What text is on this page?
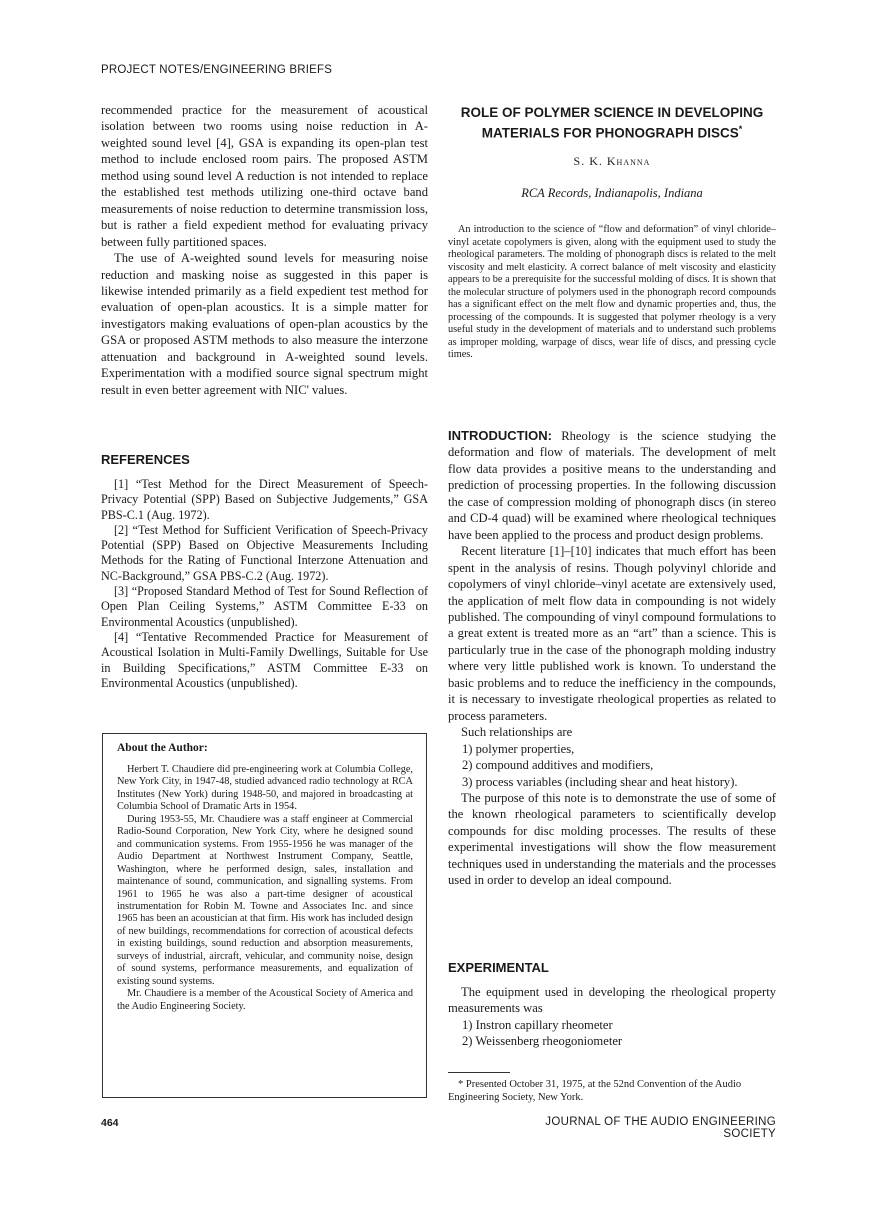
PROJECT NOTES/ENGINEERING BRIEFS

recommended practice for the measurement of acoustical isolation between two rooms using noise reduction in A-weighted sound level [4], GSA is expanding its open-plan test method to include enclosed room pairs. The proposed ASTM method using sound level A reduction is not intended to replace the established test methods utilizing one-third octave band measurements of noise reduction to determine transmission loss, but is rather a field expedient method for evaluating privacy between fully partitioned spaces.

The use of A-weighted sound levels for measuring noise reduction and masking noise as suggested in this paper is likewise intended primarily as a field expedient test method for evaluation of open-plan acoustics. It is a simple matter for investigators making evaluations of open-plan acoustics by the GSA or proposed ASTM methods to also measure the interzone attenuation and background in A-weighted sound levels. Experimentation with a modified source signal spectrum might result in even better agreement with NIC' values.

REFERENCES

[1] “Test Method for the Direct Measurement of Speech-Privacy Potential (SPP) Based on Subjective Judgements,” GSA PBS-C.1 (Aug. 1972).

[2] “Test Method for Sufficient Verification of Speech-Privacy Potential (SPP) Based on Objective Measurements Including Methods for the Rating of Functional Interzone Attenuation and NC-Background,” GSA PBS-C.2 (Aug. 1972).

[3] “Proposed Standard Method of Test for Sound Reflection of Open Plan Ceiling Systems,” ASTM Committee E-33 on Environmental Acoustics (unpublished).

[4] “Tentative Recommended Practice for Measurement of Acoustical Isolation in Multi-Family Dwellings, Suitable for Use in Building Specifications,” ASTM Committee E-33 on Environmental Acoustics (unpublished).

About the Author:

Herbert T. Chaudiere did pre-engineering work at Columbia College, New York City, in 1947-48, studied advanced radio technology at RCA Institutes (New York) during 1948-50, and majored in broadcasting at Columbia School of Dramatic Arts in 1954.

During 1953-55, Mr. Chaudiere was a staff engineer at Commercial Radio-Sound Corporation, New York City, where he designed sound and communication systems. From 1955-1956 he was manager of the Audio Department at Northwest Instrument Company, Seattle, Washington, where he performed design, sales, installation and maintenance of sound, communication, and signalling systems. From 1961 to 1965 he was also a part-time designer of acoustical instrumentation for Robin M. Towne and Associates Inc. and since 1965 has been an acoustician at that firm. His work has included design of new buildings, recommendations for correction of acoustical defects in existing buildings, sound reduction and absorption measurements, surveys of industrial, aircraft, vehicular, and community noise, design of sound systems, performance measurements, and equalization of existing sound systems.

Mr. Chaudiere is a member of the Acoustical Society of America and the Audio Engineering Society.

ROLE OF POLYMER SCIENCE IN DEVELOPING
MATERIALS FOR PHONOGRAPH DISCS*
S. K. Khanna
RCA Records, Indianapolis, Indiana

An introduction to the science of “flow and deformation” of vinyl chloride–vinyl acetate copolymers is given, along with the equipment used to study the rheological parameters. The molding of phonograph discs is related to the melt viscosity and melt elasticity. A correct balance of melt viscosity and elasticity appears to be a prerequisite for the successful molding of discs. It is shown that the molecular structure of polymers used in the phonograph record compounds has a significant effect on the melt flow and dynamic properties and, thus, the processing of the compounds. It is suggested that polymer rheology is a very useful study in the development of materials and to understand such problems as improper molding, warpage of discs, wear life of discs, and pressing cycle times.

INTRODUCTION: Rheology is the science studying the deformation and flow of materials. The development of melt flow data provides a positive means to the understanding and prediction of processing properties. In the following discussion the case of compression molding of phonograph discs (in stereo and CD-4 quad) will be examined where rheological techniques have been applied to the process and product design problems.

Recent literature [1]–[10] indicates that much effort has been spent in the analysis of resins. Though polyvinyl chloride and copolymers of vinyl chloride–vinyl acetate are extensively used, the application of melt flow data in compounding is not widely published. The compounding of vinyl compound formulations to a great extent is treated more as an “art” than a science. This is particularly true in the case of the phonograph molding industry where very little published work is known. To understand the basic problems and to reduce the inefficiency in the compounds, it is necessary to investigate rheological properties as related to process parameters.

Such relationships are

1) polymer properties,
2) compound additives and modifiers,
3) process variables (including shear and heat history).

The purpose of this note is to demonstrate the use of some of the known rheological parameters to scientifically develop compounds for disc molding processes. The results of these experimental investigations will show the flow measurement techniques used in understanding the materials and the processes used in order to develop an ideal compound.

EXPERIMENTAL

The equipment used in developing the rheological property measurements was

1) Instron capillary rheometer
2) Weissenberg rheogoniometer

* Presented October 31, 1975, at the 52nd Convention of the Audio Engineering Society, New York.

464	JOURNAL OF THE AUDIO ENGINEERING SOCIETY
